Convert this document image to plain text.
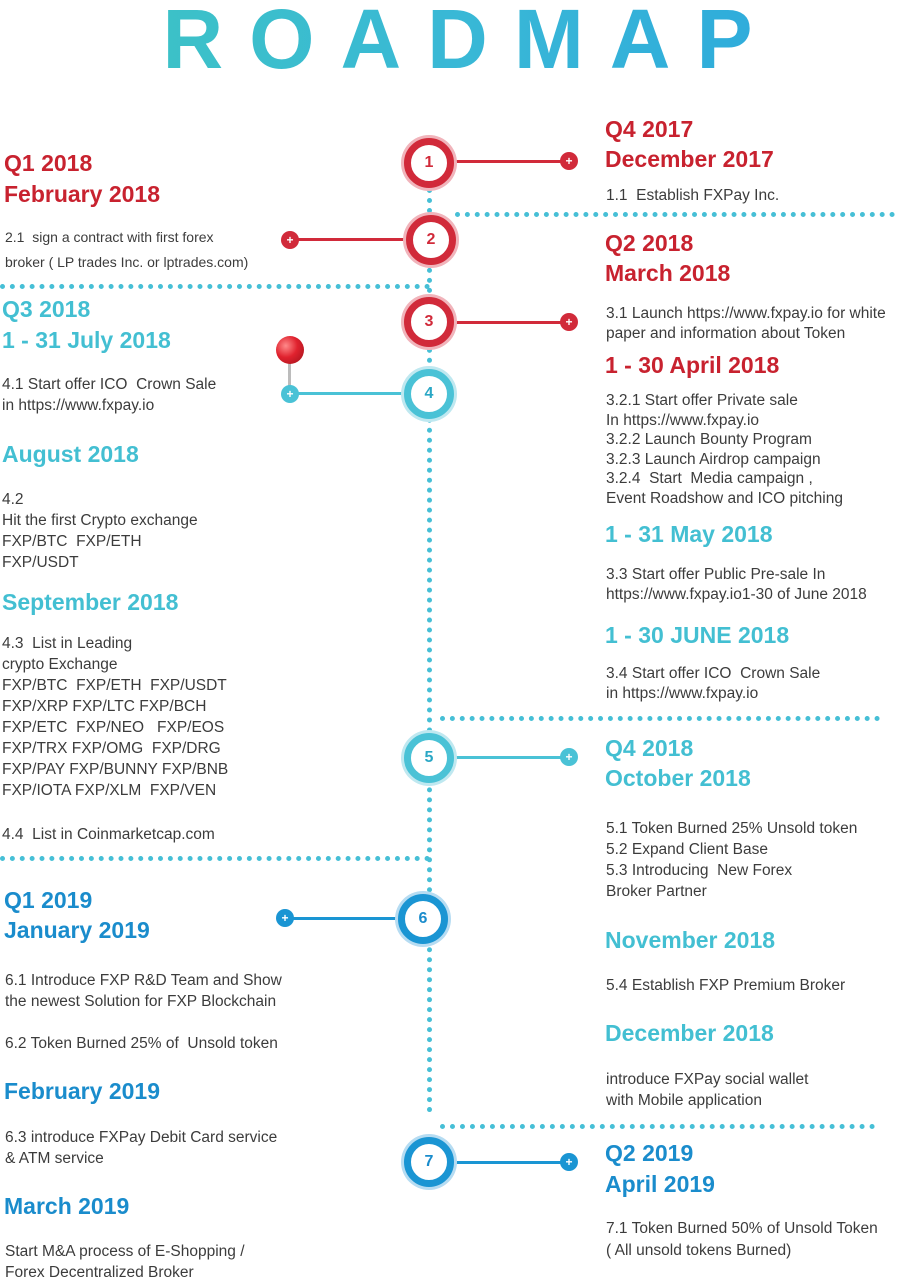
ROADMAP
+
1
+	2
+
3
+	4
+
5
+	6
+
7
Q4 2017
December 2017
1.1  Establish FXPay Inc.
Q1 2018
February 2018
2.1  sign a contract with first forex
broker ( LP trades Inc. or lptrades.com)
Q2 2018
March 2018
3.1 Launch https://www.fxpay.io for white
paper and information about Token
1 - 30 April 2018
3.2.1 Start offer Private sale
In https://www.fxpay.io
3.2.2 Launch Bounty Program
3.2.3 Launch Airdrop campaign
3.2.4  Start  Media campaign ,
Event Roadshow and ICO pitching
1 - 31 May 2018
3.3 Start offer Public Pre-sale In
https://www.fxpay.io1-30 of June 2018
1 - 30 JUNE 2018
3.4 Start offer ICO  Crown Sale
in https://www.fxpay.io
Q3 2018
1 - 31 July 2018
4.1 Start offer ICO  Crown Sale
in https://www.fxpay.io
August 2018
4.2
Hit the first Crypto exchange
FXP/BTC  FXP/ETH
FXP/USDT
September 2018
4.3  List in Leading
crypto Exchange
FXP/BTC  FXP/ETH  FXP/USDT
FXP/XRP FXP/LTC FXP/BCH
FXP/ETC  FXP/NEO   FXP/EOS
FXP/TRX FXP/OMG  FXP/DRG
FXP/PAY FXP/BUNNY FXP/BNB
FXP/IOTA FXP/XLM  FXP/VEN
4.4  List in Coinmarketcap.com
Q4 2018
October 2018
5.1 Token Burned 25% Unsold token
5.2 Expand Client Base
5.3 Introducing  New Forex
Broker Partner
November 2018
5.4 Establish FXP Premium Broker
December 2018
introduce FXPay social wallet
with Mobile application
Q1 2019
January 2019
6.1 Introduce FXP R&D Team and Show
the newest Solution for FXP Blockchain
6.2 Token Burned 25% of  Unsold token
February 2019
6.3 introduce FXPay Debit Card service
& ATM service
March 2019
Start M&A process of E-Shopping /
Forex Decentralized Broker
Q2 2019
April 2019
7.1 Token Burned 50% of Unsold Token
( All unsold tokens Burned)
